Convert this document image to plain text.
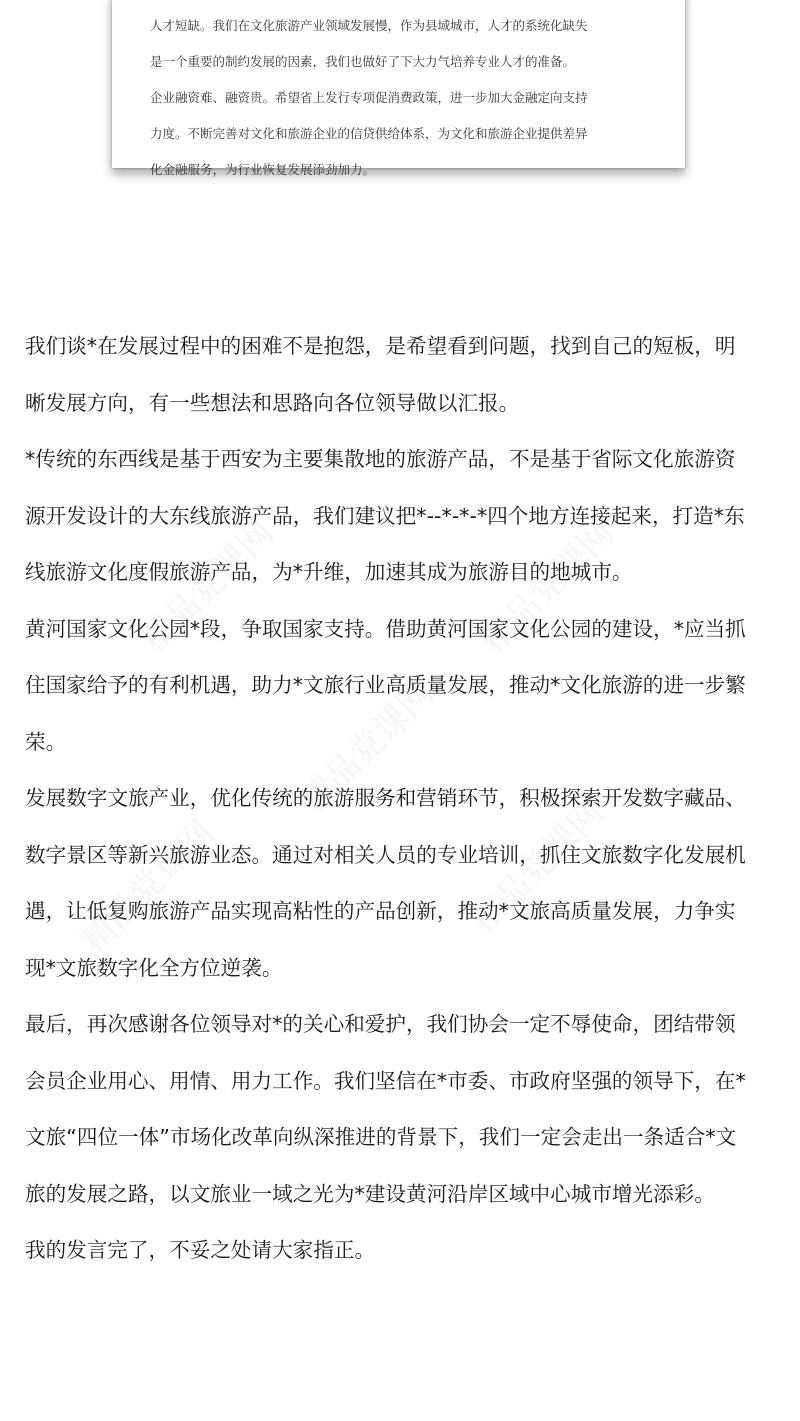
人才短缺。我们在文化旅游产业领域发展慢，作为县域城市，人才的系统化缺失
是一个重要的制约发展的因素，我们也做好了下大力气培养专业人才的准备。
企业融资难、融资贵。希望省上发行专项促消费政策，进一步加大金融定向支持
力度。不断完善对文化和旅游企业的信贷供给体系，为文化和旅游企业提供差异
化金融服务，为行业恢复发展添劲加力。
我们谈*在发展过程中的困难不是抱怨，是希望看到问题，找到自己的短板，明
晰发展方向，有一些想法和思路向各位领导做以汇报。
*传统的东西线是基于西安为主要集散地的旅游产品，不是基于省际文化旅游资
源开发设计的大东线旅游产品，我们建议把*--*-*-*四个地方连接起来，打造*东
线旅游文化度假旅游产品，为*升维，加速其成为旅游目的地城市。
黄河国家文化公园*段，争取国家支持。借助黄河国家文化公园的建设，*应当抓
住国家给予的有利机遇，助力*文旅行业高质量发展，推动*文化旅游的进一步繁
荣。
发展数字文旅产业，优化传统的旅游服务和营销环节，积极探索开发数字藏品、
数字景区等新兴旅游业态。通过对相关人员的专业培训，抓住文旅数字化发展机
遇，让低复购旅游产品实现高粘性的产品创新，推动*文旅高质量发展，力争实
现*文旅数字化全方位逆袭。
最后，再次感谢各位领导对*的关心和爱护，我们协会一定不辱使命，团结带领
会员企业用心、用情、用力工作。我们坚信在*市委、市政府坚强的领导下，在*
文旅“四位一体”市场化改革向纵深推进的背景下，我们一定会走出一条适合*文
旅的发展之路，以文旅业一域之光为*建设黄河沿岸区域中心城市增光添彩。
我的发言完了，不妥之处请大家指正。
